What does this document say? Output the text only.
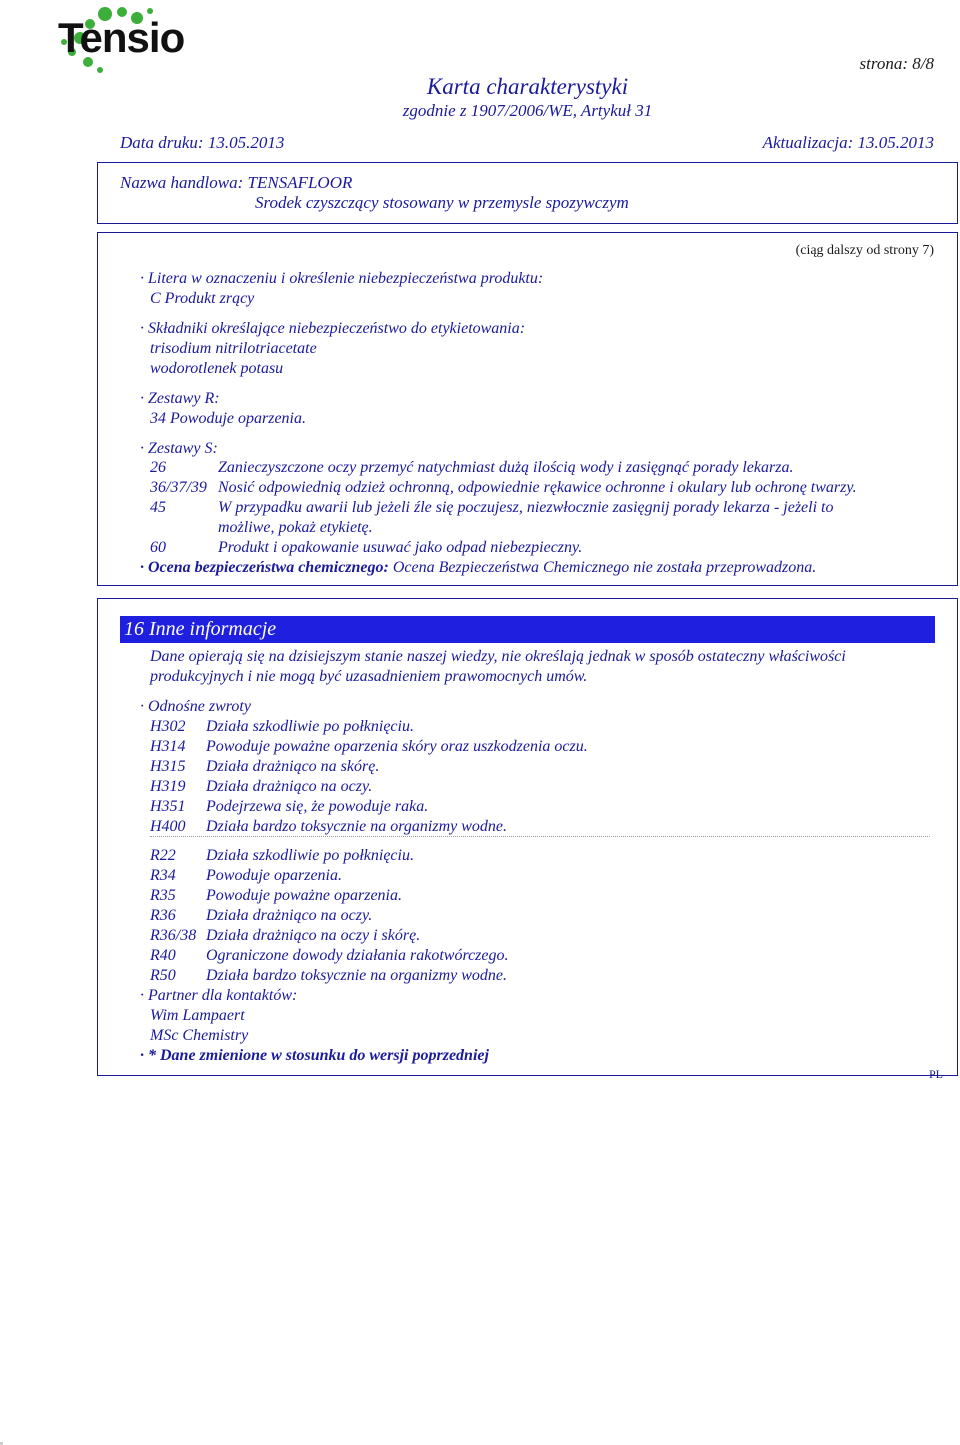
Tensio
strona: 8/8
Karta charakterystyki
zgodnie z 1907/2006/WE, Artykuł 31
Data druku: 13.05.2013	Aktualizacja: 13.05.2013
Nazwa handlowa: TENSAFLOOR
Srodek czyszczący stosowany w przemysle spozywczym
(ciąg dalszy od strony 7)
· Litera w oznaczeniu i określenie niebezpieczeństwa produktu:
C Produkt zrący
· Składniki określające niebezpieczeństwo do etykietowania:
trisodium nitrilotriacetate
wodorotlenek potasu
· Zestawy R:
34 Powoduje oparzenia.
· Zestawy S:
26	Zanieczyszczone oczy przemyć natychmiast dużą ilością wody i zasięgnąć porady lekarza.
36/37/39 Nosić odpowiednią odzież ochronną, odpowiednie rękawice ochronne i okulary lub ochronę twarzy.
45	W przypadku awarii lub jeżeli źle się poczujesz, niezwłocznie zasięgnij porady lekarza - jeżeli to
możliwe, pokaż etykietę.
60	Produkt i opakowanie usuwać jako odpad niebezpieczny.
· Ocena bezpieczeństwa chemicznego: Ocena Bezpieczeństwa Chemicznego nie została przeprowadzona.
16 Inne informacje
Dane opierają się na dzisiejszym stanie naszej wiedzy, nie określają jednak w sposób ostateczny właściwości
produkcyjnych i nie mogą być uzasadnieniem prawomocnych umów.
· Odnośne zwroty
H302 Działa szkodliwie po połknięciu.
H314 Powoduje poważne oparzenia skóry oraz uszkodzenia oczu.
H315 Działa drażniąco na skórę.
H319 Działa drażniąco na oczy.
H351 Podejrzewa się, że powoduje raka.
H400 Działa bardzo toksycznie na organizmy wodne.
R22 Działa szkodliwie po połknięciu.
R34 Powoduje oparzenia.
R35 Powoduje poważne oparzenia.
R36 Działa drażniąco na oczy.
R36/38 Działa drażniąco na oczy i skórę.
R40 Ograniczone dowody działania rakotwórczego.
R50 Działa bardzo toksycznie na organizmy wodne.
· Partner dla kontaktów:
Wim Lampaert
MSc Chemistry
· * Dane zmienione w stosunku do wersji poprzedniej
PL
